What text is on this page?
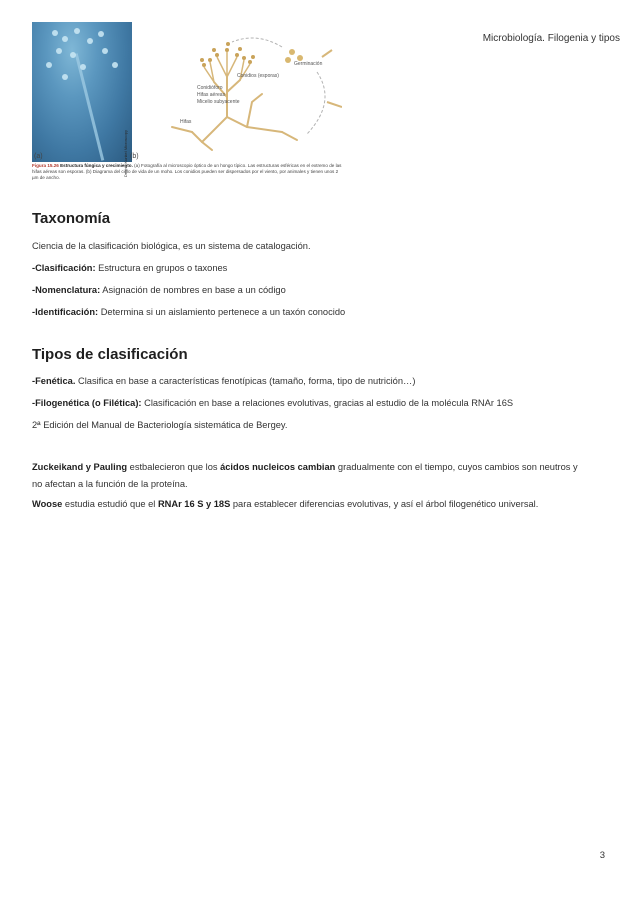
Microbiología. Filogenia y tipos
Dennis Kunkel Microscopy
(a)
Conidios (esporas)
Germinación
Conidióforo
Hifas aéreas
Micelio subyacente
Hifas
(b)
Figura 15.26 Estructura fúngica y crecimiento. (a) Fotografía al microscopio óptico de un hongo típico. Las estructuras esféricas en el extremo de las hifas aéreas son esporas. (b) Diagrama del ciclo de vida de un moho. Los conidios pueden ser dispersados por el viento, por animales y tienen unos 2 µm de ancho.
Taxonomía

Ciencia de la clasificación biológica, es un sistema de catalogación.

-Clasificación: Estructura en grupos o taxones

-Nomenclatura: Asignación de nombres en base a un código

-Identificación: Determina si un aislamiento pertenece a un taxón conocido

Tipos de clasificación

-Fenética. Clasifica en base a características fenotípicas (tamaño, forma, tipo de nutrición…)

-Filogenética (o Filética): Clasificación en base a relaciones evolutivas, gracias al estudio de la molécula RNAr 16S

2ª Edición del Manual de Bacteriología sistemática de Bergey.

Zuckeikand y Pauling estbalecieron que los ácidos nucleicos cambian gradualmente con el tiempo, cuyos cambios son neutros y

no afectan a la función de la proteína.

Woose estudia estudió que el RNAr 16 S y 18S para establecer diferencias evolutivas, y así el árbol filogenético universal.

3
